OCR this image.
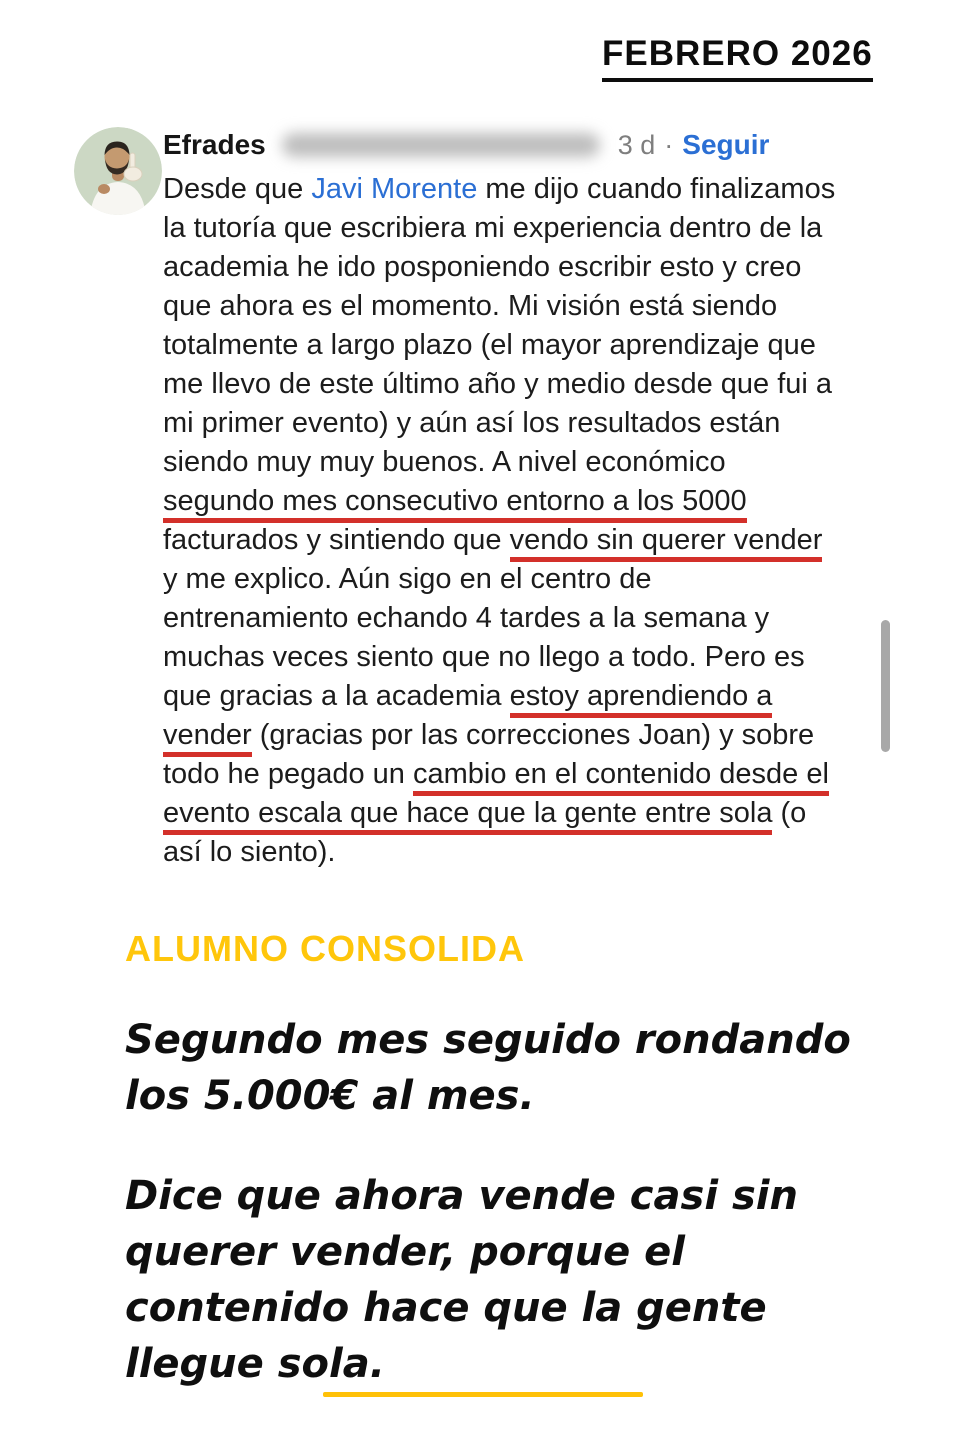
FEBRERO 2026
Efrades	3 d · Seguir
Desde que Javi Morente me dijo cuando finalizamos
la tutoría que escribiera mi experiencia dentro de la
academia he ido posponiendo escribir esto y creo
que ahora es el momento. Mi visión está siendo
totalmente a largo plazo (el mayor aprendizaje que
me llevo de este último año y medio desde que fui a
mi primer evento) y aún así los resultados están
siendo muy muy buenos. A nivel económico
segundo mes consecutivo entorno a los 5000
facturados y sintiendo que vendo sin querer vender
y me explico. Aún sigo en el centro de
entrenamiento echando 4 tardes a la semana y
muchas veces siento que no llego a todo. Pero es
que gracias a la academia estoy aprendiendo a
vender (gracias por las correcciones Joan) y sobre
todo he pegado un cambio en el contenido desde el
evento escala que hace que la gente entre sola (o
así lo siento).
ALUMNO CONSOLIDA
Segundo mes seguido rondando los 5.000€ al mes.
Dice que ahora vende casi sin querer vender, porque el contenido hace que la gente llegue sola.
